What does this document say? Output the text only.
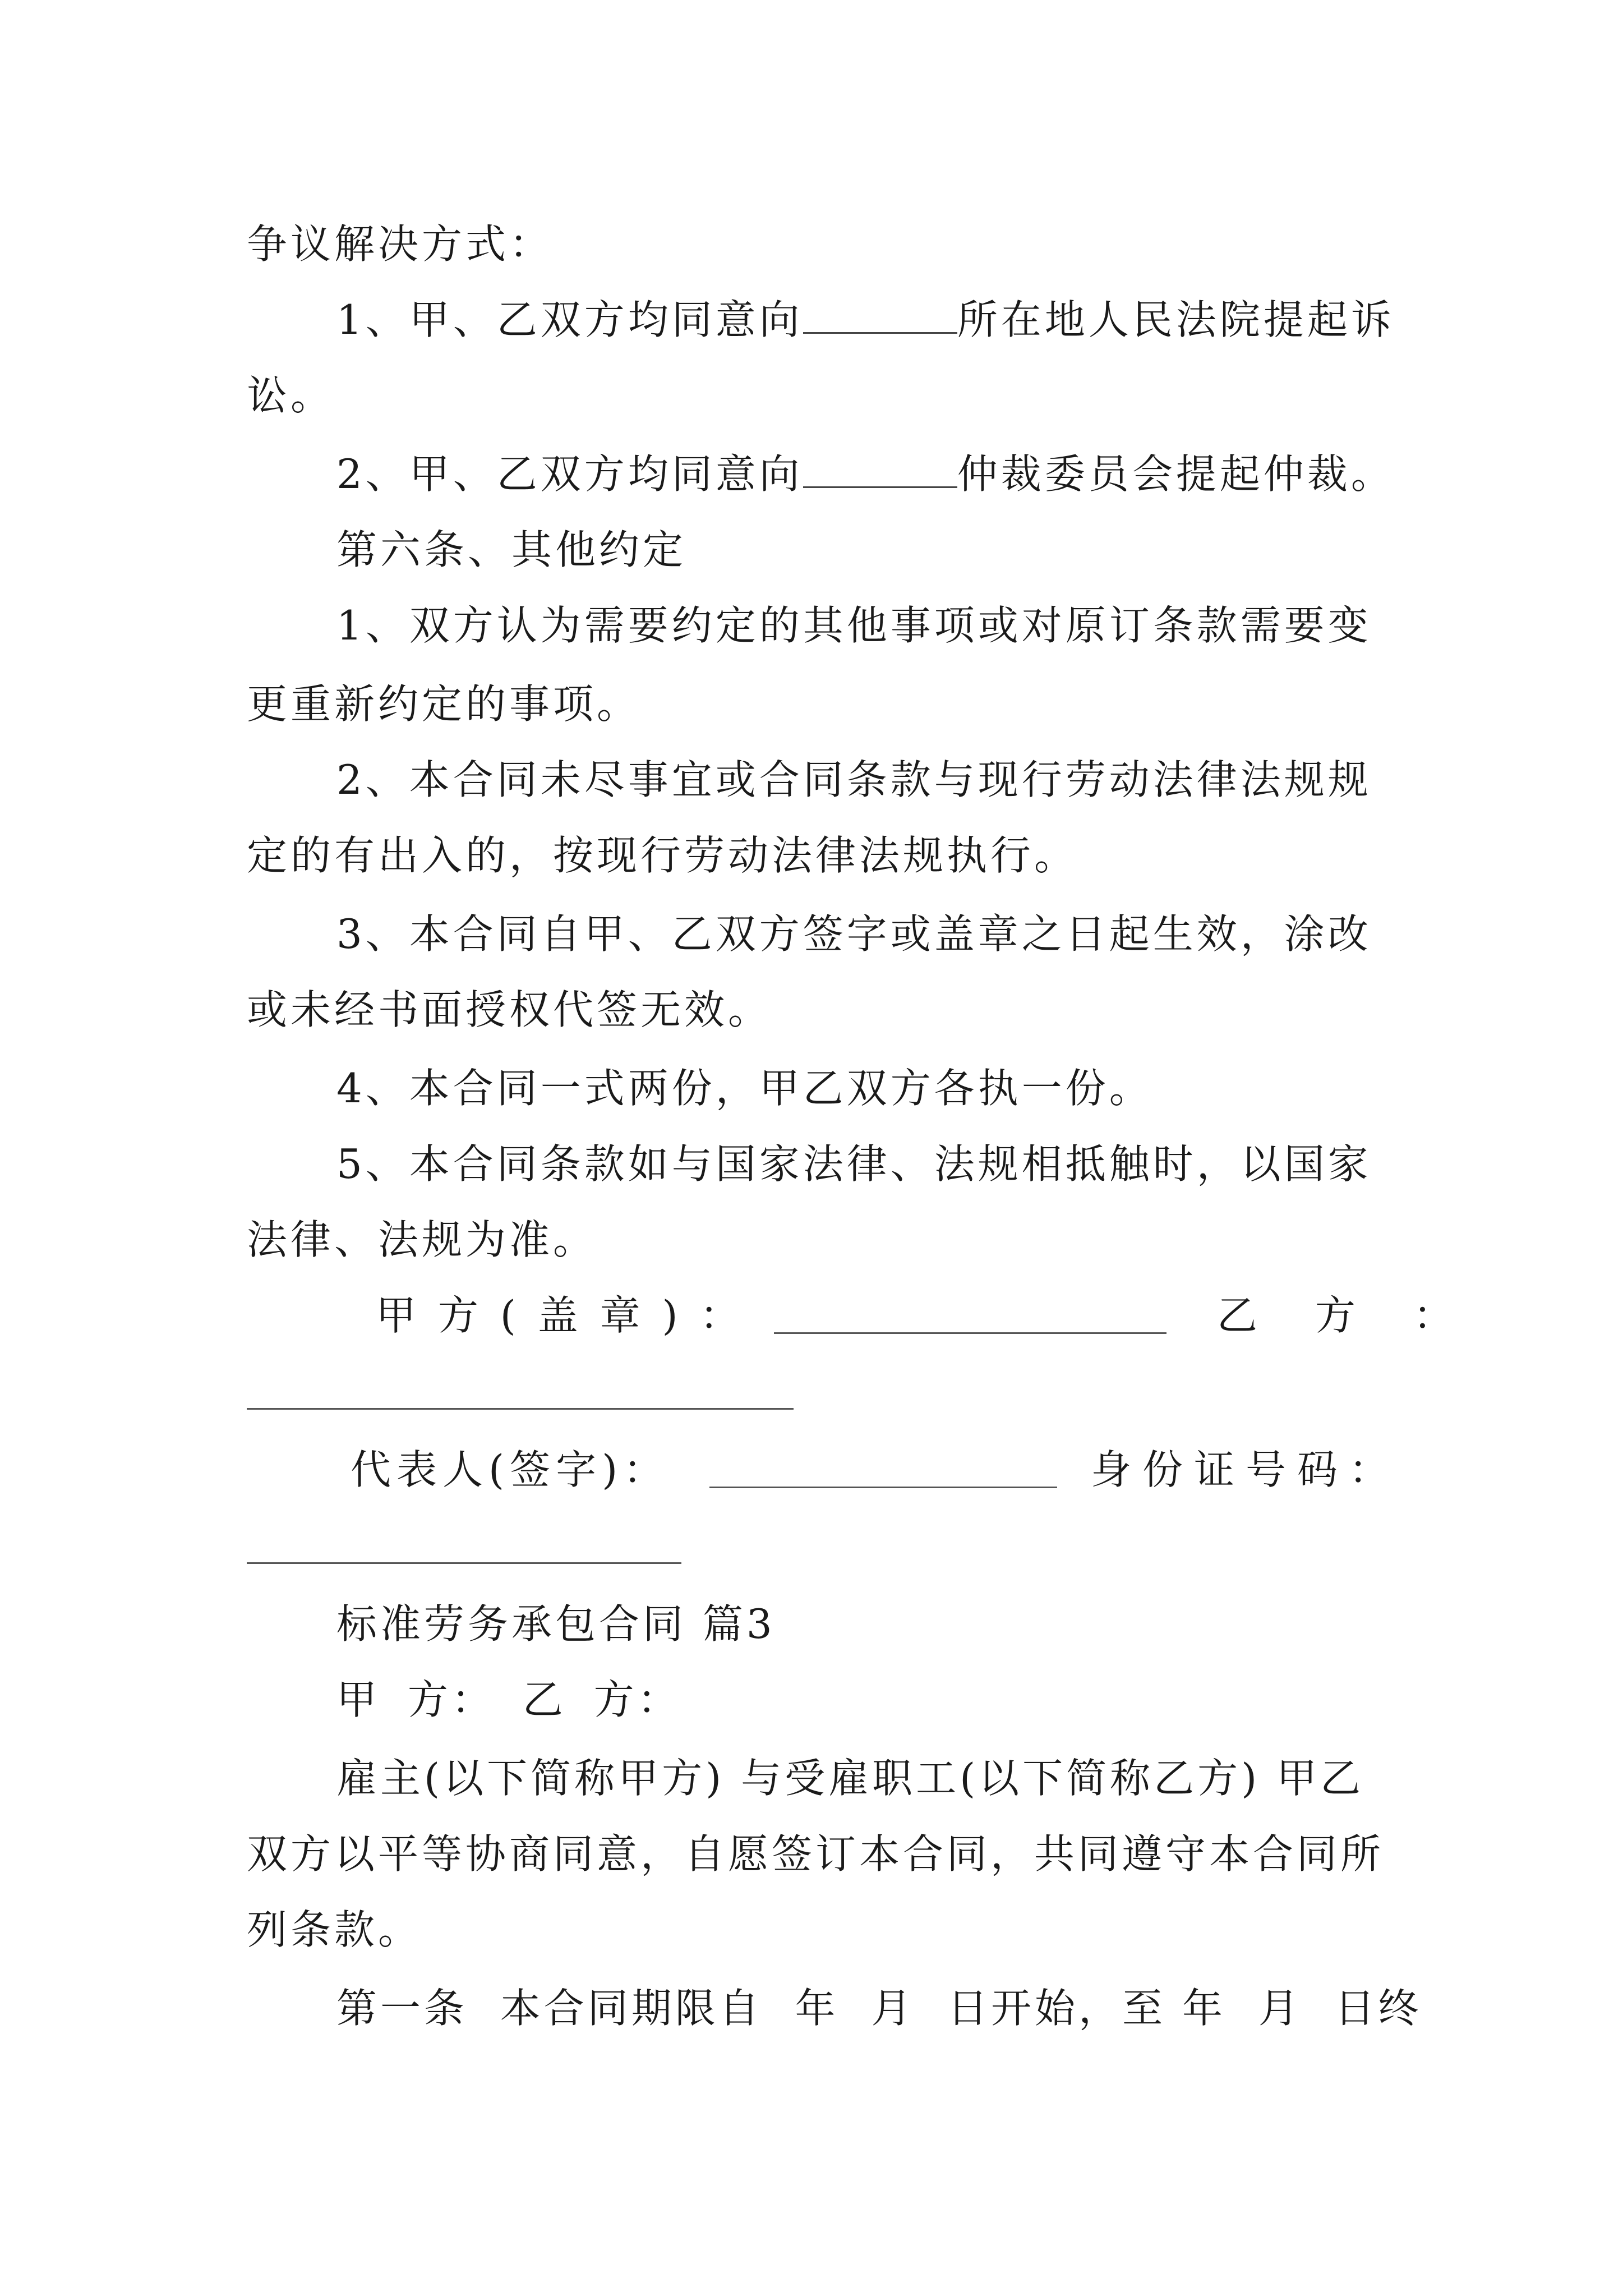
争议解决方式：
1、甲、乙双方均同意向	所在地人民法院提起诉
讼。
2、甲、乙双方均同意向	仲裁委员会提起仲裁。
第六条、其他约定
1、双方认为需要约定的其他事项或对原订条款需要变
更重新约定的事项。
2、本合同未尽事宜或合同条款与现行劳动法律法规规
定的有出入的，按现行劳动法律法规执行。
3、本合同自甲、乙双方签字或盖章之日起生效，涂改
或未经书面授权代签无效。
4、本合同一式两份，甲乙双方各执一份。
5、本合同条款如与国家法律、法规相抵触时，以国家
法律、法规为准。
甲 方 ( 盖 章 ) ：	乙 方 ：
代表人(签字)：	身份证号码：
标准劳务承包合同 篇3
甲 方： 乙 方：
雇主(以下简称甲方) 与受雇职工(以下简称乙方) 甲乙
双方以平等协商同意，自愿签订本合同，共同遵守本合同所
列条款。
第一条  本合同期限自  年  月  日开始，至 年  月  日终
